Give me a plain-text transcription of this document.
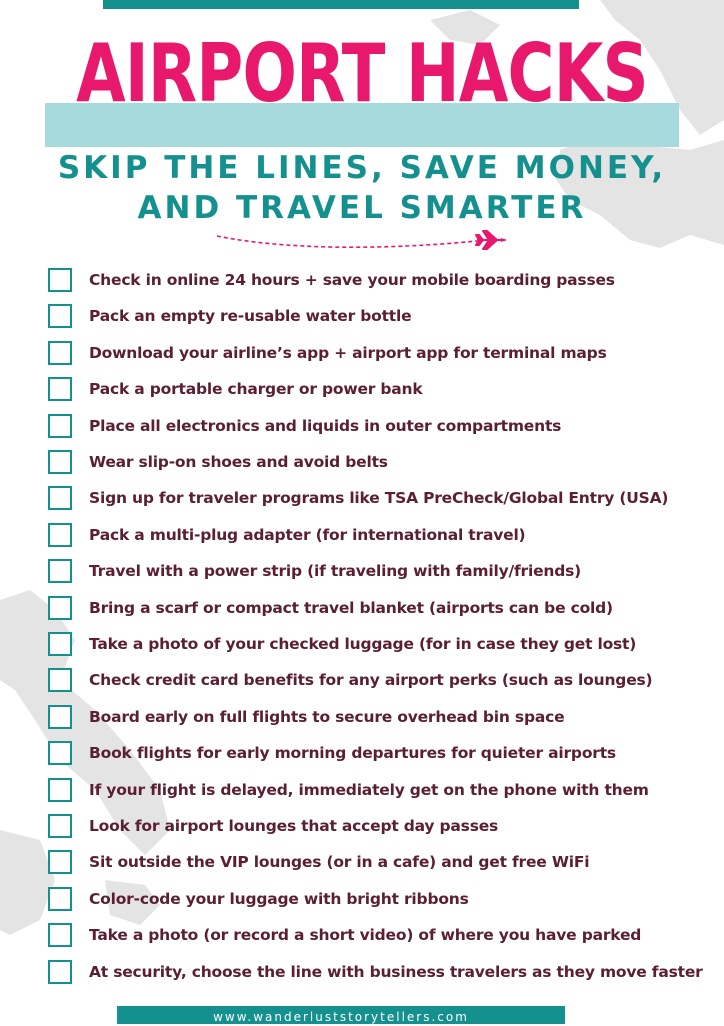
AIRPORT HACKS
SKIP THE LINES, SAVE MONEY,
AND TRAVEL SMARTER
Check in online 24 hours + save your mobile boarding passes
Pack an empty re-usable water bottle
Download your airline’s app + airport app for terminal maps
Pack a portable charger or power bank
Place all electronics and liquids in outer compartments
Wear slip-on shoes and avoid belts
Sign up for traveler programs like TSA PreCheck/Global Entry (USA)
Pack a multi-plug adapter (for international travel)
Travel with a power strip (if traveling with family/friends)
Bring a scarf or compact travel blanket (airports can be cold)
Take a photo of your checked luggage (for in case they get lost)
Check credit card benefits for any airport perks (such as lounges)
Board early on full flights to secure overhead bin space
Book flights for early morning departures for quieter airports
If your flight is delayed, immediately get on the phone with them
Look for airport lounges that accept day passes
Sit outside the VIP lounges (or in a cafe) and get free WiFi
Color-code your luggage with bright ribbons
Take a photo (or record a short video) of where you have parked
At security, choose the line with business travelers as they move faster
www.wanderluststorytellers.com
